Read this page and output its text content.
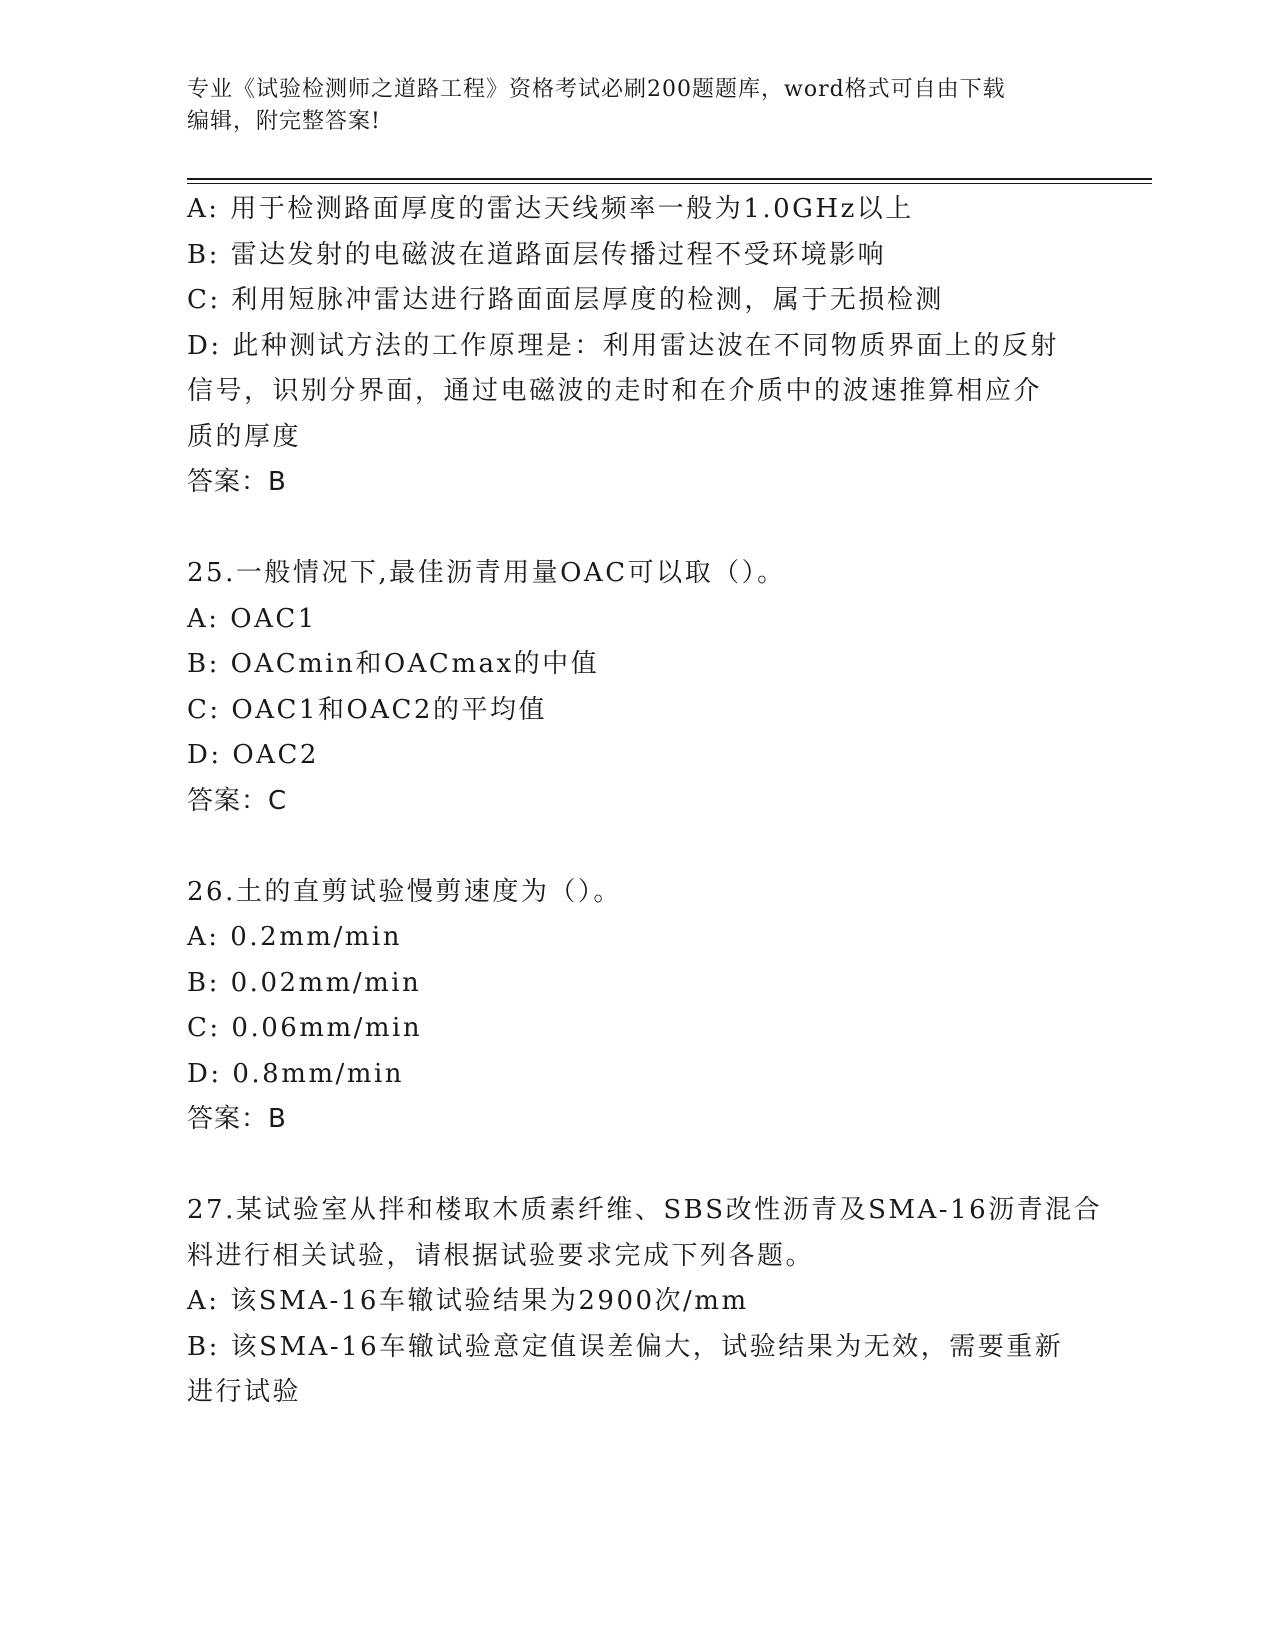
专业《试验检测师之道路工程》资格考试必刷200题题库，word格式可自由下载
编辑，附完整答案!
A: 用于检测路面厚度的雷达天线频率一般为1.0GHz以上
B: 雷达发射的电磁波在道路面层传播过程不受环境影响
C: 利用短脉冲雷达进行路面面层厚度的检测，属于无损检测
D: 此种测试方法的工作原理是：利用雷达波在不同物质界面上的反射
信号，识别分界面，通过电磁波的走时和在介质中的波速推算相应介
质的厚度
答案：B
25.一般情况下,最佳沥青用量OAC可以取（）。
A: OAC1
B: OACmin和OACmax的中值
C: OAC1和OAC2的平均值
D: OAC2
答案：C
26.土的直剪试验慢剪速度为（）。
A: 0.2mm/min
B: 0.02mm/min
C: 0.06mm/min
D: 0.8mm/min
答案：B
27.某试验室从拌和楼取木质素纤维、SBS改性沥青及SMA-16沥青混合
料进行相关试验，请根据试验要求完成下列各题。
A: 该SMA-16车辙试验结果为2900次/mm
B: 该SMA-16车辙试验意定值误差偏大，试验结果为无效，需要重新
进行试验
